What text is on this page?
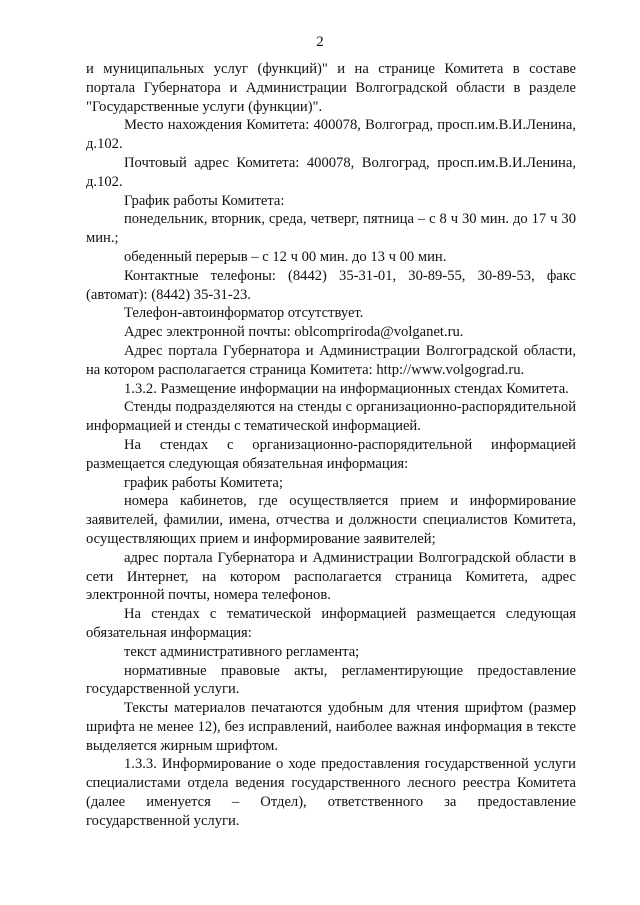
2

и муниципальных услуг (функций)" и на странице Комитета в составе портала Губернатора и Администрации Волгоградской области в разделе "Государственные услуги (функции)".

Место нахождения Комитета: 400078, Волгоград, просп.им.В.И.Ленина, д.102.

Почтовый адрес Комитета: 400078, Волгоград, просп.им.В.И.Ленина, д.102.

График работы Комитета:

понедельник, вторник, среда, четверг, пятница – с 8 ч 30 мин. до 17 ч 30 мин.;

обеденный перерыв – с 12 ч 00 мин. до 13 ч 00 мин.

Контактные телефоны: (8442) 35-31-01, 30-89-55, 30-89-53, факс (автомат): (8442) 35-31-23.

Телефон-автоинформатор отсутствует.

Адрес электронной почты: oblcompriroda@volganet.ru.

Адрес портала Губернатора и Администрации Волгоградской области, на котором располагается страница Комитета: http://www.volgograd.ru.

1.3.2. Размещение информации на информационных стендах Комитета.

Стенды подразделяются на стенды с организационно-распорядительной информацией и стенды с тематической информацией.

На стендах с организационно-распорядительной информацией размещается следующая обязательная информация:

график работы Комитета;

номера кабинетов, где осуществляется прием и информирование заявителей, фамилии, имена, отчества и должности специалистов Комитета, осуществляющих прием и информирование заявителей;

адрес портала Губернатора и Администрации Волгоградской области в сети Интернет, на котором располагается страница Комитета, адрес электронной почты, номера телефонов.

На стендах с тематической информацией размещается следующая обязательная информация:

текст административного регламента;

нормативные правовые акты, регламентирующие предоставление государственной услуги.

Тексты материалов печатаются удобным для чтения шрифтом (размер шрифта не менее 12), без исправлений, наиболее важная информация в тексте выделяется жирным шрифтом.

1.3.3. Информирование о ходе предоставления государственной услуги специалистами отдела ведения государственного лесного реестра Комитета (далее именуется – Отдел), ответственного за предоставление государственной услуги.
